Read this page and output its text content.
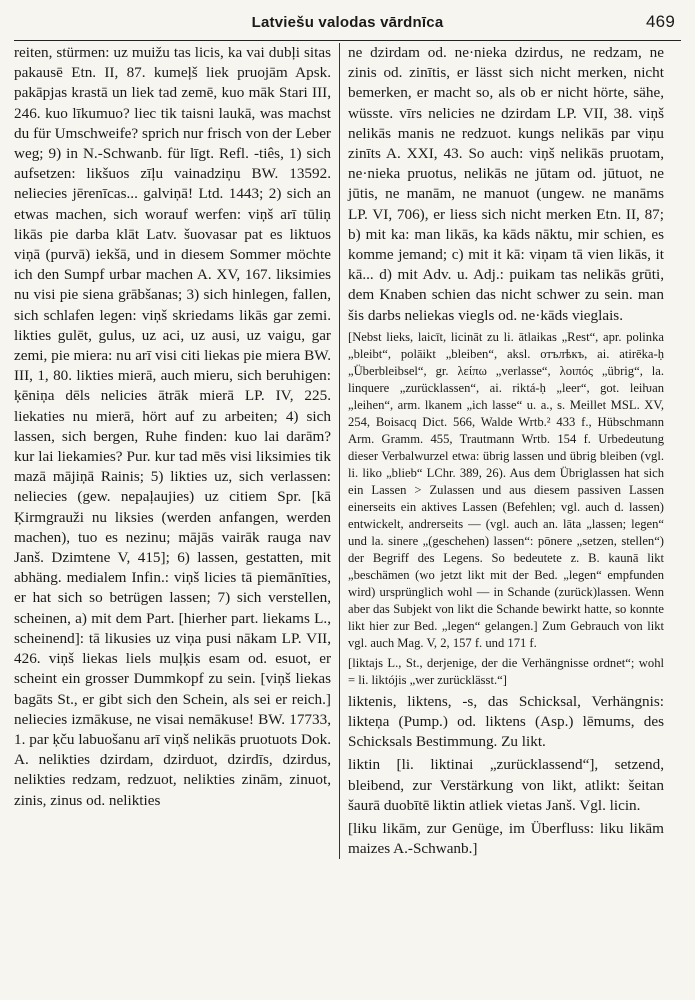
Latviešu valodas vārdnīca	469

reiten, stürmen: uz muižu tas licis, ka vai dubļi sitas pakausē Etn. II, 87. kumeļš liek pruojām Apsk. pakāpjas krastā un liek tad zemē, kuo māk Stari III, 246. kuo līkumuo? liec tik taisni laukā, was machst du für Umschweife? sprich nur frisch von der Leber weg; 9) in N.-Schwanb. für līgt. Refl. -tiês, 1) sich aufsetzen: likšuos zīļu vainadziņu BW. 13592. neliecies jērenīcas... galviņā! Ltd. 1443; 2) sich an etwas machen, sich worauf werfen: viņš arī tūliņ likās pie darba klāt Latv. šuovasar pat es liktuos viņā (purvā) iekšā, und in diesem Sommer möchte ich den Sumpf urbar machen A. XV, 167. liksimies nu visi pie siena grābšanas; 3) sich hinlegen, fallen, sich schlafen legen: viņš skriedams likās gar zemi. likties gulēt, gulus, uz aci, uz ausi, uz vaigu, gar zemi, pie miera: nu arī visi citi liekas pie miera BW. III, 1, 80. likties mierā, auch mieru, sich beruhigen: ķēniņa dēls nelicies ātrāk mierā LP. IV, 225. liekaties nu mierā, hört auf zu arbeiten; 4) sich lassen, sich bergen, Ruhe finden: kuo lai darām? kur lai liekamies? Pur. kur tad mēs visi liksimies tik mazā mājiņā Rainis; 5) likties uz, sich verlassen: neliecies (gew. nepaļaujies) uz citiem Spr. [kā Ķirmgrauži nu liksies (werden anfangen, werden machen), tuo es nezinu; mājās vairāk rauga nav Janš. Dzimtene V, 415]; 6) lassen, gestatten, mit abhäng. medialem Infin.: viņš licies tā piemānīties, er hat sich so betrügen lassen; 7) sich verstellen, scheinen, a) mit dem Part. [hierher part. liekams L., scheinend]: tā likusies uz viņa pusi nākam LP. VII, 426. viņš liekas liels muļķis esam od. esuot, er scheint ein grosser Dummkopf zu sein. [viņš liekas bagāts St., er gibt sich den Schein, als sei er reich.] neliecies izmākuse, ne visai nemākuse! BW. 17733, 1. par ķču labuošanu arī viņš nelikās pruotuots Dok. A. nelikties dzirdam, dzirduot, dzirdīs, dzirdus, nelikties redzam, redzuot, nelikties zinām, zinuot, zinis, zinus od. nelikties

ne dzirdam od. ne·nieka dzirdus, ne redzam, ne zinis od. zinītis, er lässt sich nicht merken, nicht bemerken, er macht so, als ob er nicht hörte, sähe, wüsste. vīrs nelicies ne dzirdam LP. VII, 38. viņš nelikās manis ne redzuot. kungs nelikās par viņu zinīts A. XXI, 43. So auch: viņš nelikās pruotam, ne·nieka pruotus, nelikās ne jūtam od. jūtuot, ne jūtis, ne manām, ne manuot (ungew. ne manāms LP. VI, 706), er liess sich nicht merken Etn. II, 87; b) mit ka: man likās, ka kāds nāktu, mir schien, es komme jemand; c) mit it kā: viņam tā vien likās, it kā... d) mit Adv. u. Adj.: puikam tas nelikās grūti, dem Knaben schien das nicht schwer zu sein. man šis darbs neliekas viegls od. ne·kāds vieglais.

[Nebst lieks, laicīt, licināt zu li. ātlaikas „Rest“, apr. polinka „bleibt“, polāikt „bleiben“, aksl. отълѣкъ, ai. atirēka-ḥ „Überbleibsel“, gr. λείπω „verlasse“, λοιπός „übrig“, la. linquere „zurücklassen“, ai. riktá-ḥ „leer“, got. leiƕan „leihen“, arm. lkanem „ich lasse“ u. a., s. Meillet MSL. XV, 254, Boisacq Dict. 566, Walde Wrtb.² 433 f., Hübschmann Arm. Gramm. 455, Trautmann Wrtb. 154 f. Urbedeutung dieser Verbalwurzel etwa: übrig lassen und übrig bleiben (vgl. li. liko „blieb“ LChr. 389, 26). Aus dem Übriglassen hat sich ein Lassen > Zulassen und aus diesem passiven Lassen einerseits ein aktives Lassen (Befehlen; vgl. auch d. lassen) entwickelt, andrerseits — (vgl. auch an. lāta „lassen; legen“ und la. sinere „(geschehen) lassen“: pōnere „setzen, stellen“) der Begriff des Legens. So bedeutete z. B. kaunā likt „beschämen (wo jetzt likt mit der Bed. „legen“ empfunden wird) ursprünglich wohl — in Schande (zurück)lassen. Wenn aber das Subjekt von likt die Schande bewirkt hatte, so konnte likt hier zur Bed. „legen“ gelangen.] Zum Gebrauch von likt vgl. auch Mag. V, 2, 157 f. und 171 f.

[liktajs L., St., derjenige, der die Verhängnisse ordnet“; wohl = li. liktójis „wer zurücklässt.“]

liktenis, liktens, -s, das Schicksal, Verhängnis: likteņa (Pump.) od. liktens (Asp.) lēmums, des Schicksals Bestimmung. Zu likt.

liktin [li. liktinai „zurücklassend“], setzend, bleibend, zur Verstärkung von likt, atlikt: šeitan šaurā duobītē liktin atliek vietas Janš. Vgl. licin.

[liku likām, zur Genüge, im Überfluss: liku likām maizes A.-Schwanb.]
